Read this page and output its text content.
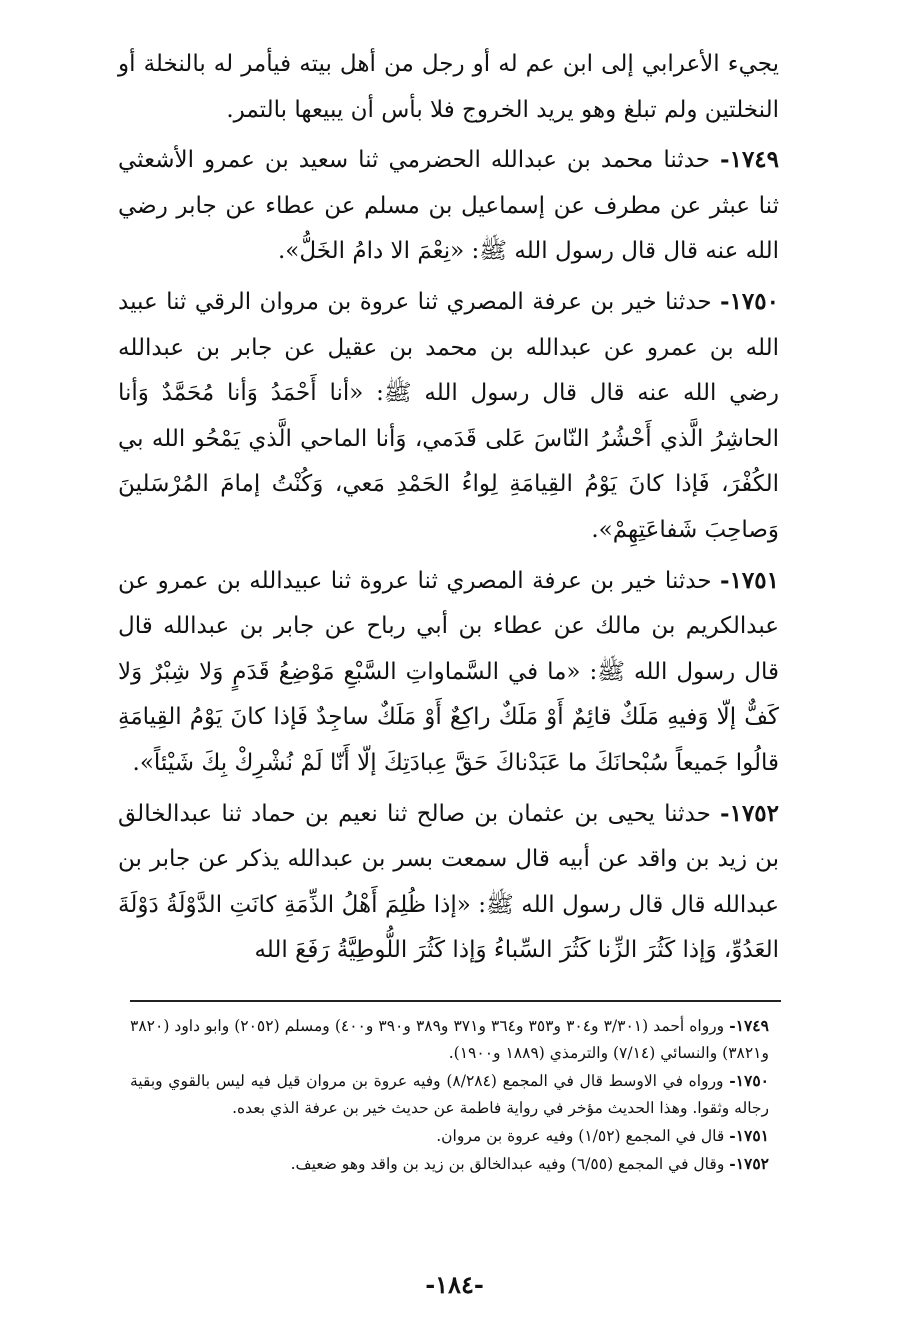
يجيء الأعرابي إلى ابن عم له أو رجل من أهل بيته فيأمر له بالنخلة أو النخلتين ولم تبلغ وهو يريد الخروج فلا بأس أن يبيعها بالتمر.

١٧٤٩- حدثنا محمد بن عبدالله الحضرمي ثنا سعيد بن عمرو الأشعثي ثنا عبثر عن مطرف عن إسماعيل بن مسلم عن عطاء عن جابر رضي الله عنه قال قال رسول الله ﷺ: «نِعْمَ الا دامُ الخَلُّ».

١٧٥٠- حدثنا خير بن عرفة المصري ثنا عروة بن مروان الرقي ثنا عبيد الله بن عمرو عن عبدالله بن محمد بن عقيل عن جابر بن عبدالله رضي الله عنه قال قال رسول الله ﷺ: «أنا أَحْمَدُ وَأنا مُحَمَّدٌ وَأنا الحاشِرُ الَّذي أَحْشُرُ النّاسَ عَلى قَدَمي، وَأنا الماحي الَّذي يَمْحُو الله بي الكُفْرَ، فَإذا كانَ يَوْمُ القِيامَةِ لِواءُ الحَمْدِ مَعي، وَكُنْتُ إمامَ المُرْسَلينَ وَصاحِبَ شَفاعَتِهِمْ».

١٧٥١- حدثنا خير بن عرفة المصري ثنا عروة ثنا عبيدالله بن عمرو عن عبدالكريم بن مالك عن عطاء بن أبي رباح عن جابر بن عبدالله قال قال رسول الله ﷺ: «ما في السَّماواتِ السَّبْعِ مَوْضِعُ قَدَمٍ وَلا شِبْرٌ وَلا كَفٌّ إلّا وَفيهِ مَلَكٌ قائِمٌ أَوْ مَلَكٌ راكِعٌ أَوْ مَلَكٌ ساجِدٌ فَإذا كانَ يَوْمُ القِيامَةِ قالُوا جَميعاً سُبْحانَكَ ما عَبَدْناكَ حَقَّ عِبادَتِكَ إلّا أَنّا لَمْ نُشْرِكْ بِكَ شَيْئاً».

١٧٥٢- حدثنا يحيى بن عثمان بن صالح ثنا نعيم بن حماد ثنا عبدالخالق بن زيد بن واقد عن أبيه قال سمعت بسر بن عبدالله يذكر عن جابر بن عبدالله قال قال رسول الله ﷺ: «إذا ظُلِمَ أَهْلُ الذِّمَةِ كانَتِ الدَّوْلَةُ دَوْلَةَ العَدُوِّ، وَإذا كَثُرَ الزِّنا كَثُرَ السِّباءُ وَإذا كَثُرَ اللُّوطِيَّةُ رَفَعَ الله

١٧٤٩- ورواه أحمد (٣/٣٠١ و٣٠٤ و٣٥٣ و٣٦٤ و٣٧١ و٣٨٩ و٣٩٠ و٤٠٠) ومسلم (٢٠٥٢) وابو داود (٣٨٢٠ و٣٨٢١) والنسائي (٧/١٤) والترمذي (١٨٨٩ و١٩٠٠).

١٧٥٠- ورواه في الاوسط قال في المجمع (٨/٢٨٤) وفيه عروة بن مروان قيل فيه ليس بالقوي وبقية رجاله وثقوا. وهذا الحديث مؤخر في رواية فاطمة عن حديث خير بن عرفة الذي بعده.

١٧٥١- قال في المجمع (١/٥٢) وفيه عروة بن مروان.

١٧٥٢- وقال في المجمع (٦/٥٥) وفيه عبدالخالق بن زيد بن واقد وهو ضعيف.

-١٨٤-
